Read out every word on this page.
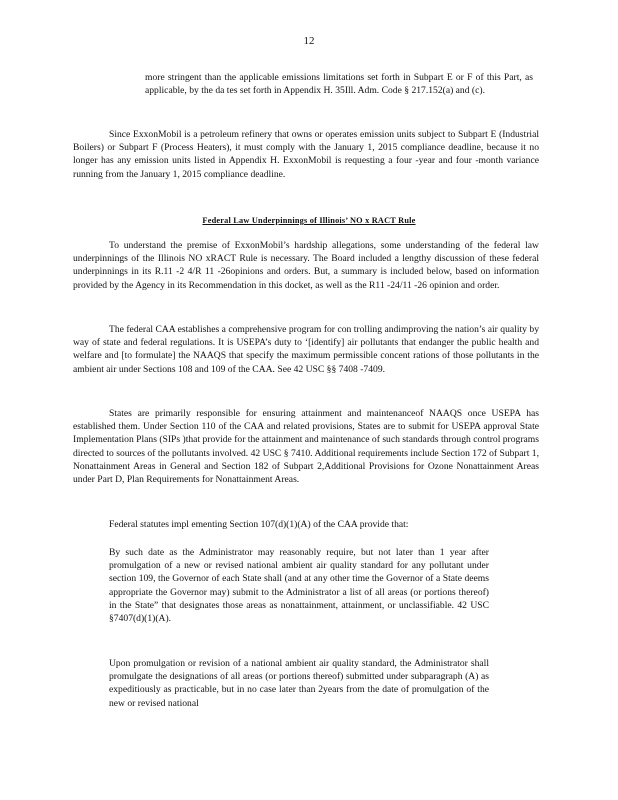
12

more stringent than the applicable emissions limitations set forth in Subpart E or F of this Part, as applicable, by the da tes set forth in Appendix H. 35Ill. Adm. Code § 217.152(a) and (c).

Since ExxonMobil is a petroleum refinery that owns or operates emission units subject to Subpart E (Industrial Boilers) or Subpart F (Process Heaters), it must comply with the January 1, 2015 compliance deadline, because it no longer has any emission units listed in Appendix H. ExxonMobil is requesting a four -year and four -month variance running from the January 1, 2015 compliance deadline.

Federal Law Underpinnings of Illinois’ NO x RACT Rule

To understand the premise of ExxonMobil’s hardship allegations, some understanding of the federal law underpinnings of the Illinois NO xRACT Rule is necessary. The Board included a lengthy discussion of these federal underpinnings in its R.11 -2 4/R 11 -26opinions and orders. But, a summary is included below, based on information provided by the Agency in its Recommendation in this docket, as well as the R11 -24/11 -26 opinion and order.

The federal CAA establishes a comprehensive program for con trolling andimproving the nation’s air quality by way of state and federal regulations. It is USEPA’s duty to ‘[identify] air pollutants that endanger the public health and welfare and [to formulate] the NAAQS that specify the maximum permissible concent rations of those pollutants in the ambient air under Sections 108 and 109 of the CAA. See 42 USC §§ 7408 -7409.

States are primarily responsible for ensuring attainment and maintenanceof NAAQS once USEPA has established them. Under Section 110 of the CAA and related provisions, States are to submit for USEPA approval State Implementation Plans (SIPs )that provide for the attainment and maintenance of such standards through control programs directed to sources of the pollutants involved. 42 USC § 7410. Additional requirements include Section 172 of Subpart 1, Nonattainment Areas in General and Section 182 of Subpart 2,Additional Provisions for Ozone Nonattainment Areas under Part D, Plan Requirements for Nonattainment Areas.

Federal statutes impl ementing Section 107(d)(1)(A) of the CAA provide that:

By such date as the Administrator may reasonably require, but not later than 1 year after promulgation of a new or revised national ambient air quality standard for any pollutant under section 109, the Governor of each State shall (and at any other time the Governor of a State deems appropriate the Governor may) submit to the Administrator a list of all areas (or portions thereof) in the State” that designates those areas as nonattainment, attainment, or unclassifiable. 42 USC §7407(d)(1)(A).

Upon promulgation or revision of a national ambient air quality standard, the Administrator shall promulgate the designations of all areas (or portions thereof) submitted under subparagraph (A) as expeditiously as practicable, but in no case later than 2years from the date of promulgation of the new or revised national
